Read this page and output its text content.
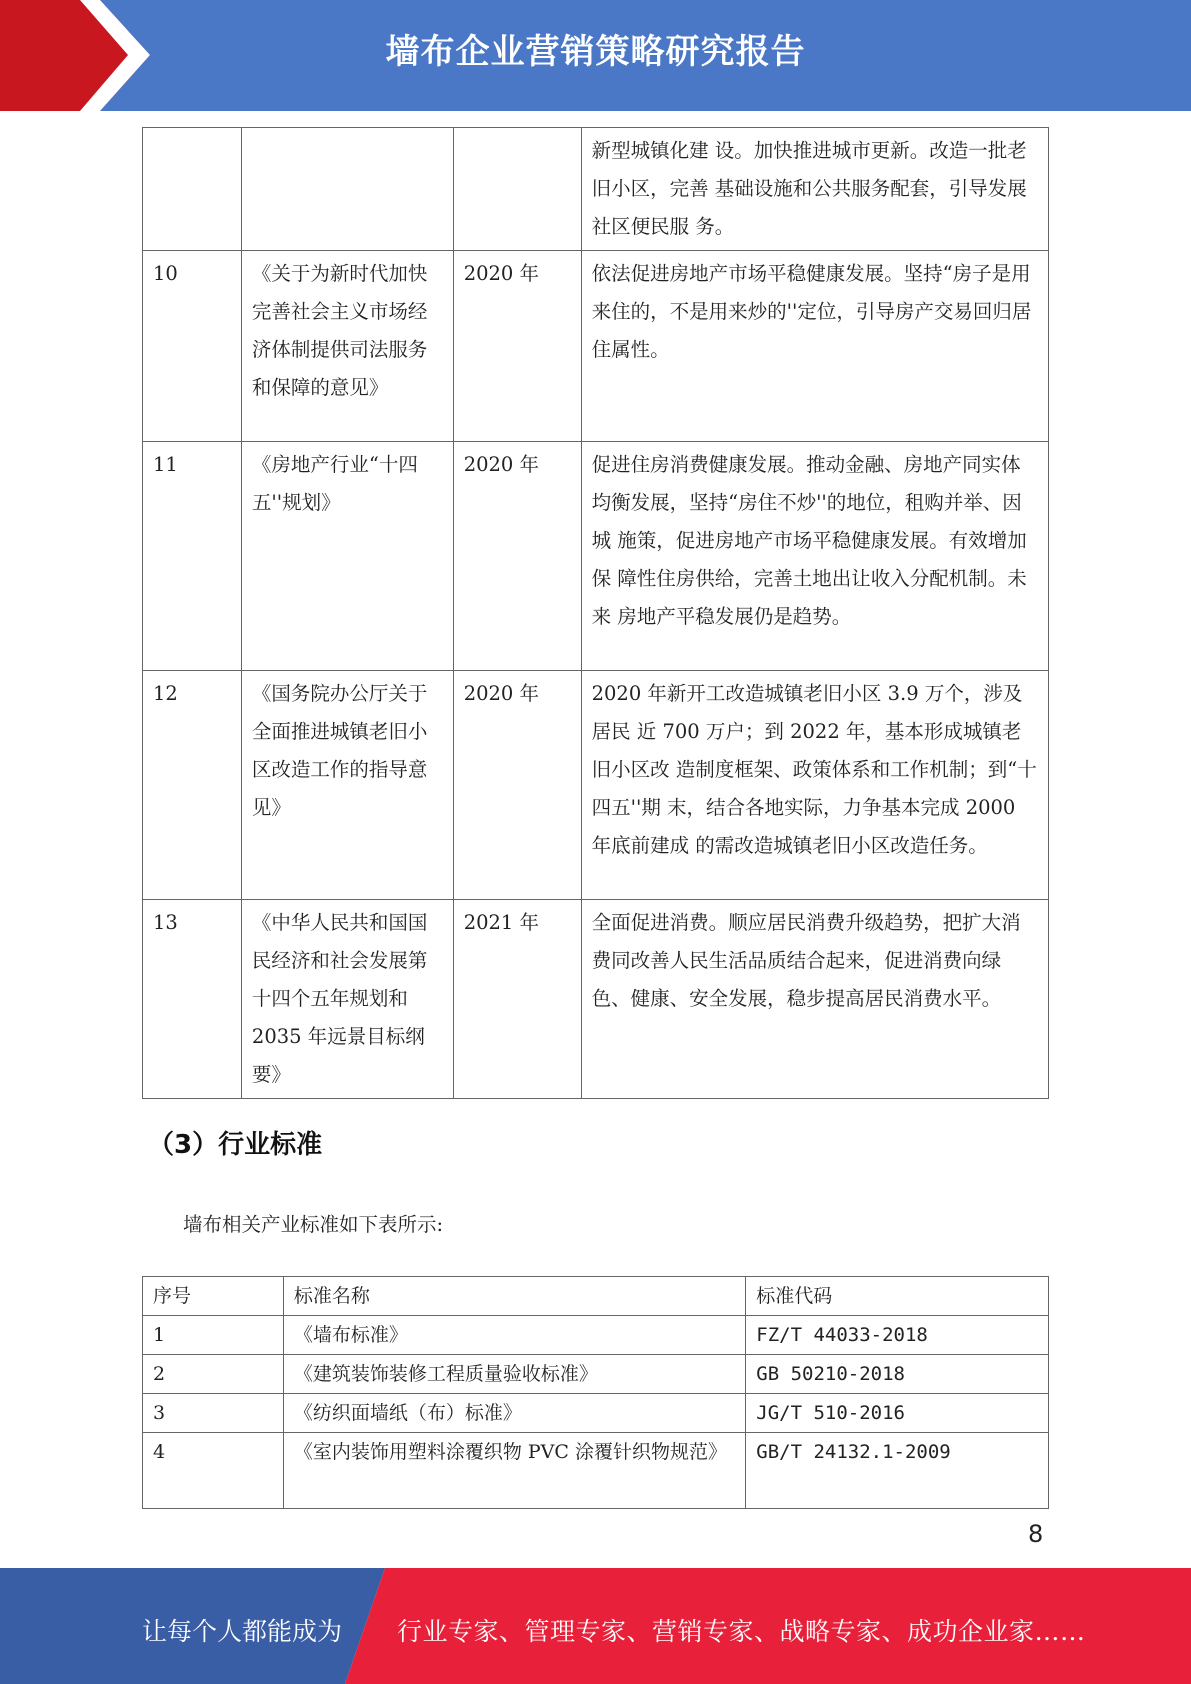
墙布企业营销策略研究报告
			新型城镇化建 设。加快推进城市更新。改造一批老旧小区，完善 基础设施和公共服务配套，引导发展社区便民服 务。
10	《关于为新时代加快完善社会主义市场经济体制提供司法服务和保障的意见》	2020 年	依法促进房地产市场平稳健康发展。坚持“房子是用 来住的，不是用来炒的''定位，引导房产交易回归居 住属性。
11	《房地产行业“十四五''规划》	2020 年	促进住房消费健康发展。推动金融、房地产同实体 均衡发展，坚持“房住不炒''的地位，租购并举、因城 施策，促进房地产市场平稳健康发展。有效增加保 障性住房供给，完善土地出让收入分配机制。未来 房地产平稳发展仍是趋势。
12	《国务院办公厅关于全面推进城镇老旧小区改造工作的指导意见》	2020 年	2020 年新开工改造城镇老旧小区 3.9 万个，涉及居民 近 700 万户；到 2022 年，基本形成城镇老旧小区改 造制度框架、政策体系和工作机制；到“十四五''期 末，结合各地实际，力争基本完成 2000 年底前建成 的需改造城镇老旧小区改造任务。
13	《中华人民共和国国民经济和社会发展第十四个五年规划和 2035 年远景目标纲要》	2021 年	全面促进消费。顺应居民消费升级趋势，把扩大消 费同改善人民生活品质结合起来，促进消费向绿 色、健康、安全发展，稳步提高居民消费水平。
（3）行业标准
墙布相关产业标准如下表所示:
序号	标准名称	标准代码
1	《墙布标准》	FZ/T 44033-2018
2	《建筑装饰装修工程质量验收标准》	GB 50210-2018
3	《纺织面墙纸（布）标准》	JG/T 510-2016
4	《室内装饰用塑料涂覆织物 PVC 涂覆针织物规范》	GB/T 24132.1-2009
8
让每个人都能成为 行业专家、管理专家、营销专家、战略专家、成功企业家……
